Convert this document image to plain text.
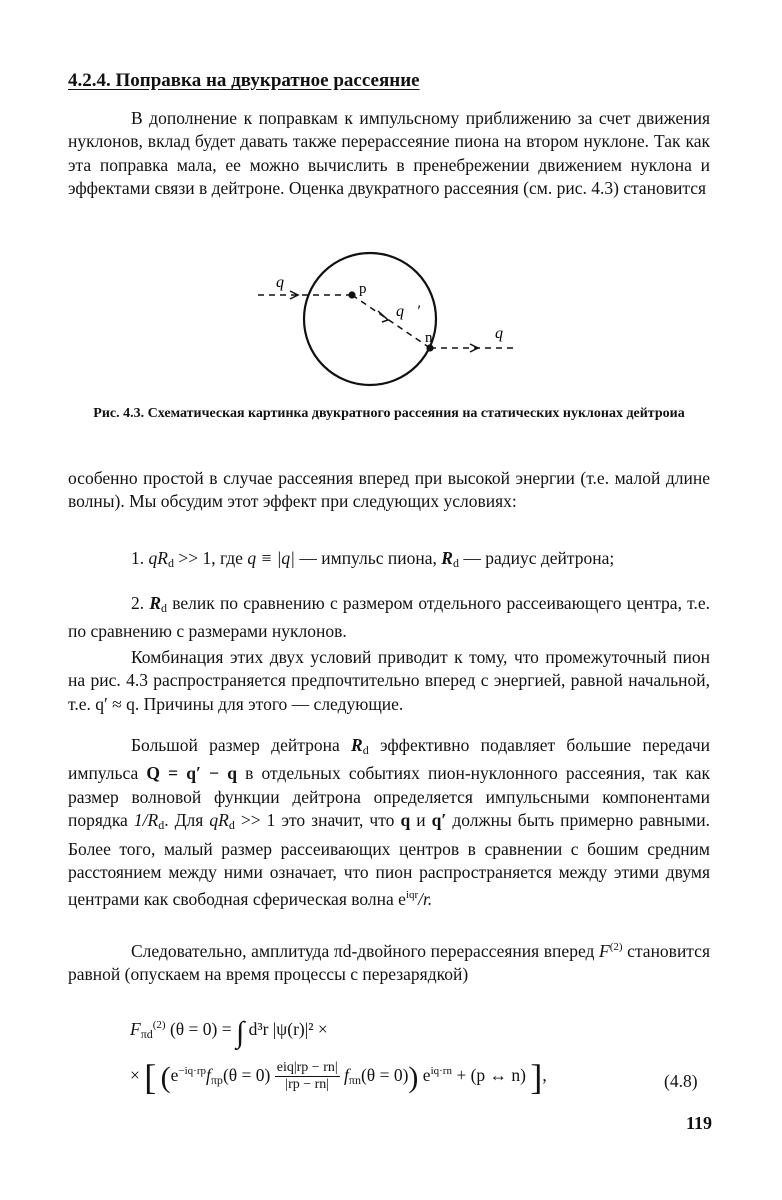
4.2.4. Поправка на двукратное рассеяние

В дополнение к поправкам к импульсному приближению за счет движения нуклонов, вклад будет давать также перерассеяние пиона на втором нуклоне. Так как эта поправка мала, ее можно вычислить в пренебрежении движением нуклона и эффектами связи в дейтроне. Оценка двукратного рассеяния (см. рис. 4.3) становится

q⃗	p
q⃗′
n	q⃗
Рис. 4.3. Схематическая картинка двукратного рассеяния на статических нуклонах дейтроиа

особенно простой в случае рассеяния вперед при высокой энергии (т.е. малой длине волны). Мы обсудим этот эффект при следующих условиях:

1. $qR_d >> 1$, где q ≡ |q| — импульс пиона, $R_d$ — радиус дейтрона;

2. $R_d$ велик по сравнению с размером отдельного рассеивающего центра, т.е. по сравнению с размерами нуклонов.

Комбинация этих двух условий приводит к тому, что промежуточный пион на рис. 4.3 распространяется предпочтительно вперед с энергией, равной начальной, т.е. q′ ≈ q. Причины для этого — следующие.

Большой размер дейтрона $R_d$ эффективно подавляет большие передачи импульса Q = q′ − q в отдельных событиях пион-нуклонного рассеяния, так как размер волновой функции дейтрона определяется импульсными компонентами порядка $1/R_d$. Для $qR_d >> 1$ это значит, что q и q′ должны быть примерно равными. Более того, малый размер рассеивающих центров в сравнении с бошим средним расстоянием между ними означает, что пион распространяется между этими двумя центрами как свободная сферическая волна $e^{iqr}/r$.

Следовательно, амплитуда πd-двойного перерассеяния вперед $F^{(2)}$ становится равной (опускаем на время процессы с перезарядкой)

$F_{\pi d}^{(2)}$ (θ = 0) = ∫ d³r |ψ(r)|² ×
× [ $(e^{-iq\cdot rp}f_{\pi p}(\theta = 0) \frac{\text{eiq|rp − rn|}}{|rp - rn|} f_{\pi n}(\theta = 0)) e^{iq\cdot rn} + (p$ ↔ n) ],	(4.8)
119
